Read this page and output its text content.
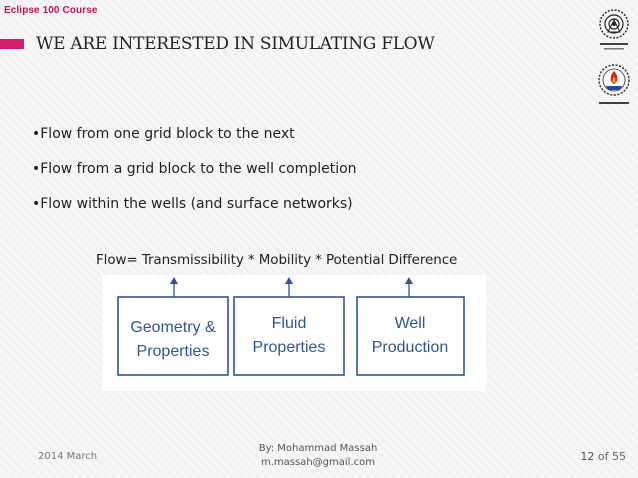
Eclipse 100 Course
WE ARE INTERESTED IN SIMULATING FLOW
•Flow from one grid block to the next
•Flow from a grid block to the well completion
•Flow within the wells (and surface networks)
Flow= Transmissibility * Mobility * Potential Difference
Geometry &
Properties
Fluid
Properties
Well
Production
2014 March
By: Mohammad Massah
m.massah@gmail.com	12 of 55
